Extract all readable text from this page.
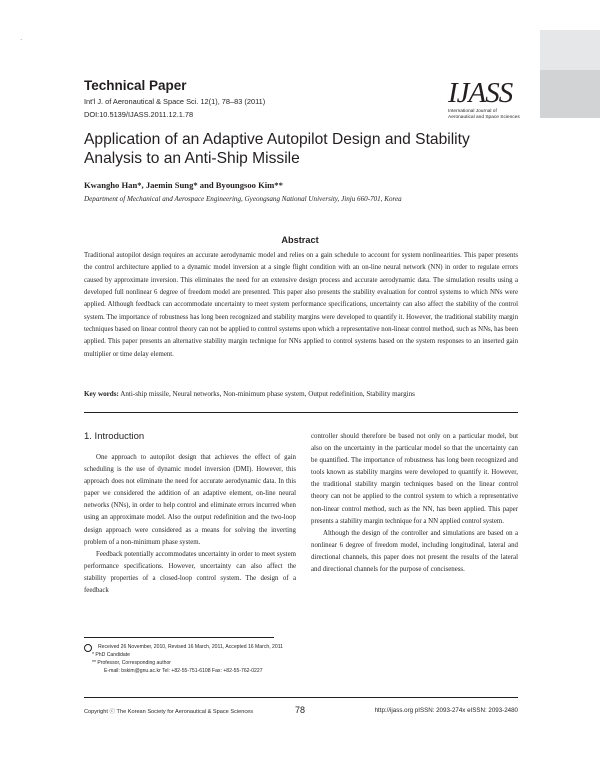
·
Technical Paper
Int'l J. of Aeronautical & Space Sci. 12(1), 78–83 (2011)
DOI:10.5139/IJASS.2011.12.1.78
IJASS
International Journal of
Aeronautical and Space Sciences
Application of an Adaptive Autopilot Design and Stability Analysis to an Anti-Ship Missile
Kwangho Han*, Jaemin Sung* and Byoungsoo Kim**
Department of Mechanical and Aerospace Engineering, Gyeongsang National University, Jinju 660-701, Korea
Abstract
Traditional autopilot design requires an accurate aerodynamic model and relies on a gain schedule to account for system nonlinearities. This paper presents the control architecture applied to a dynamic model inversion at a single flight condition with an on-line neural network (NN) in order to regulate errors caused by approximate inversion. This eliminates the need for an extensive design process and accurate aerodynamic data. The simulation results using a developed full nonlinear 6 degree of freedom model are presented. This paper also presents the stability evaluation for control systems to which NNs were applied. Although feedback can accommodate uncertainty to meet system performance specifications, uncertainty can also affect the stability of the control system. The importance of robustness has long been recognized and stability margins were developed to quantify it. However, the traditional stability margin techniques based on linear control theory can not be applied to control systems upon which a representative non-linear control method, such as NNs, has been applied. This paper presents an alternative stability margin technique for NNs applied to control systems based on the system responses to an inserted gain multiplier or time delay element.
Key words: Anti-ship missile, Neural networks, Non-minimum phase system, Output redefinition, Stability margins
1. Introduction

One approach to autopilot design that achieves the effect of gain scheduling is the use of dynamic model inversion (DMI). However, this approach does not eliminate the need for accurate aerodynamic data. In this paper we considered the addition of an adaptive element, on-line neural networks (NNs), in order to help control and eliminate errors incurred when using an approximate model. Also the output redefinition and the two-loop design approach were considered as a means for solving the inverting problem of a non-minimum phase system.

Feedback potentially accommodates uncertainty in order to meet system performance specifications. However, uncertainty can also affect the stability properties of a closed-loop control system. The design of a feedback

controller should therefore be based not only on a particular model, but also on the uncertainty in the particular model so that the uncertainty can be quantified. The importance of robustness has long been recognized and tools known as stability margins were developed to quantify it. However, the traditional stability margin techniques based on the linear control theory can not be applied to the control system to which a representative non-linear control method, such as the NN, has been applied. This paper presents a stability margin technique for a NN applied control system.

Although the design of the controller and simulations are based on a nonlinear 6 degree of freedom model, including longitudinal, lateral and directional channels, this paper does not present the results of the lateral and directional channels for the purpose of conciseness.

Received 26 November, 2010, Revised 16 March, 2011, Accepted 16 March, 2011
* PhD Candidate
** Professor, Corresponding author
E-mail: bskim@gnu.ac.kr Tel: +82-55-751-6108 Fax: +82-55-762-0227
Copyright ⓒ The Korean Society for Aeronautical & Space Sciences	78	http://ijass.org pISSN: 2093-274x eISSN: 2093-2480
